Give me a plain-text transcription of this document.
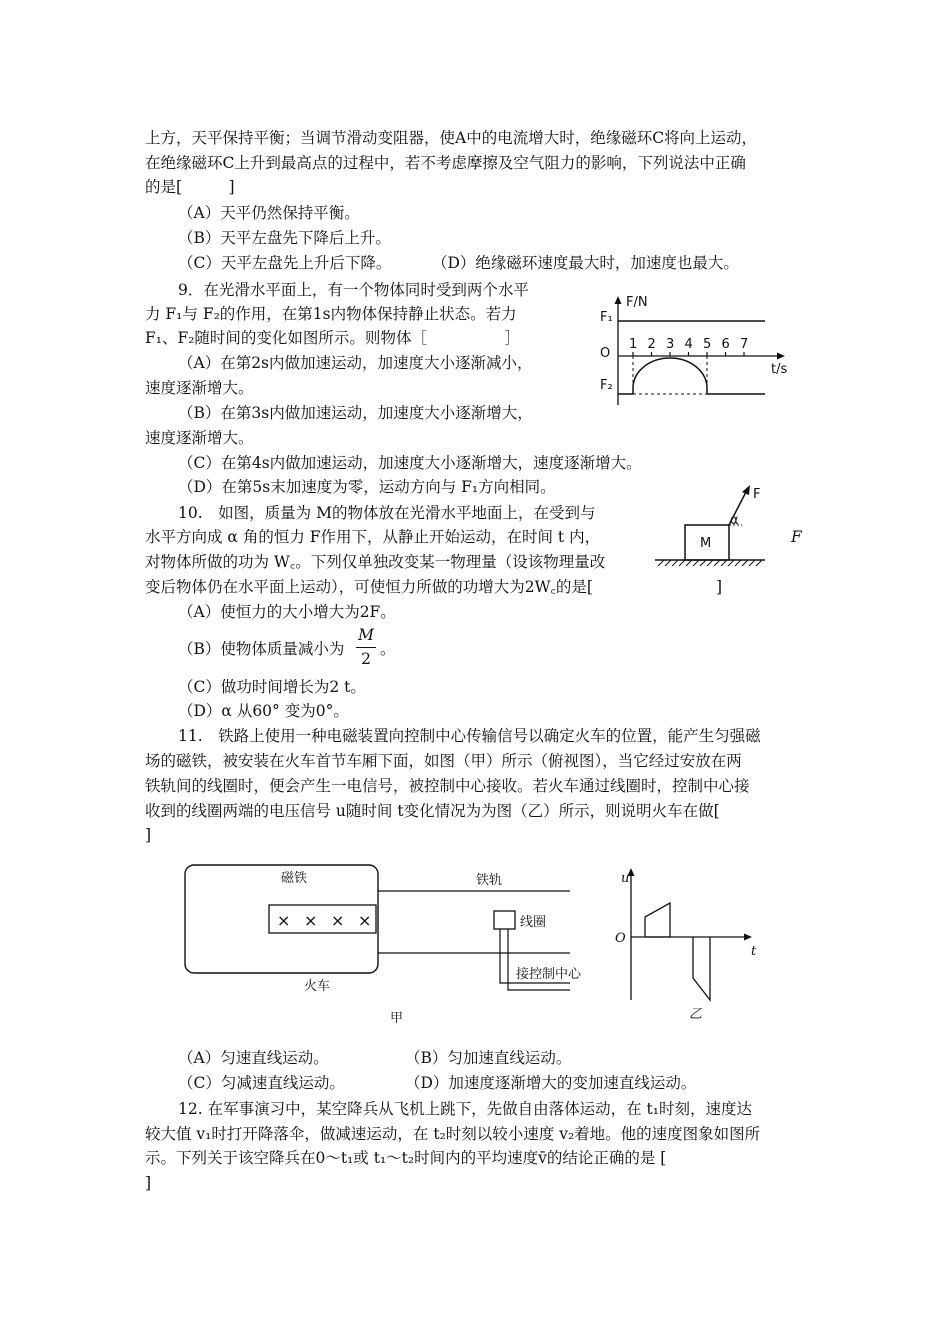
上方，天平保持平衡；当调节滑动变阻器，使A中的电流增大时，绝缘磁环C将向上运动，
在绝缘磁环C上升到最高点的过程中，若不考虑摩擦及空气阻力的影响，下列说法中正确
的是[　　　]
（A）天平仍然保持平衡。
（B）天平左盘先下降后上升。
（C）天平左盘先上升后下降。	（D）绝缘磁环速度最大时，加速度也最大。
9．在光滑水平面上，有一个物体同时受到两个水平
力 F₁与 F₂的作用，在第1s内物体保持静止状态。若力
F₁、F₂随时间的变化如图所示。则物体［　　　　　］
（A）在第2s内做加速运动，加速度大小逐渐减小，
速度逐渐增大。
（B）在第3s内做加速运动，加速度大小逐渐增大，
速度逐渐增大。
（C）在第4s内做加速运动，加速度大小逐渐增大，速度逐渐增大。
（D）在第5s末加速度为零，运动方向与 F₁方向相同。
F/N
t/s
O
F₁
F₂
1 2 3 4 5 6 7
10.　如图，质量为 M的物体放在光滑水平地面上，在受到与
水平方向成 α 角的恒力 F作用下，从静止开始运动，在时间 t 内，	F
对物体所做的功为 W꜀。下列仅单独改变某一物理量（设该物理量改
变后物体仍在水平面上运动），可使恒力所做的功增大为2W꜀的是[	]
（A）使恒力的大小增大为2F。
（B）使物体质量减小为
M
2
。
（C）做功时间增长为2 t。
（D）α 从60° 变为0°。
M
F
α
11.　铁路上使用一种电磁装置向控制中心传输信号以确定火车的位置，能产生匀强磁
场的磁铁，被安装在火车首节车厢下面，如图（甲）所示（俯视图），当它经过安放在两
铁轨间的线圈时，便会产生一电信号，被控制中心接收。若火车通过线圈时，控制中心接
收到的线圈两端的电压信号 u随时间 t变化情况为为图（乙）所示，则说明火车在做[
]
磁铁
× × × ×
铁轨
线圈
接控制中心
火车
甲
u
t
O
乙
（A）匀速直线运动。	（B）匀加速直线运动。
（C）匀减速直线运动。	（D）加速度逐渐增大的变加速直线运动。
12. 在军事演习中，某空降兵从飞机上跳下，先做自由落体运动，在 t₁时刻，速度达
较大值 v₁时打开降落伞，做减速运动，在 t₂时刻以较小速度 v₂着地。他的速度图象如图所
示。下列关于该空降兵在0～t₁或 t₁～t₂时间内的平均速度v̄的结论正确的是 [
]
